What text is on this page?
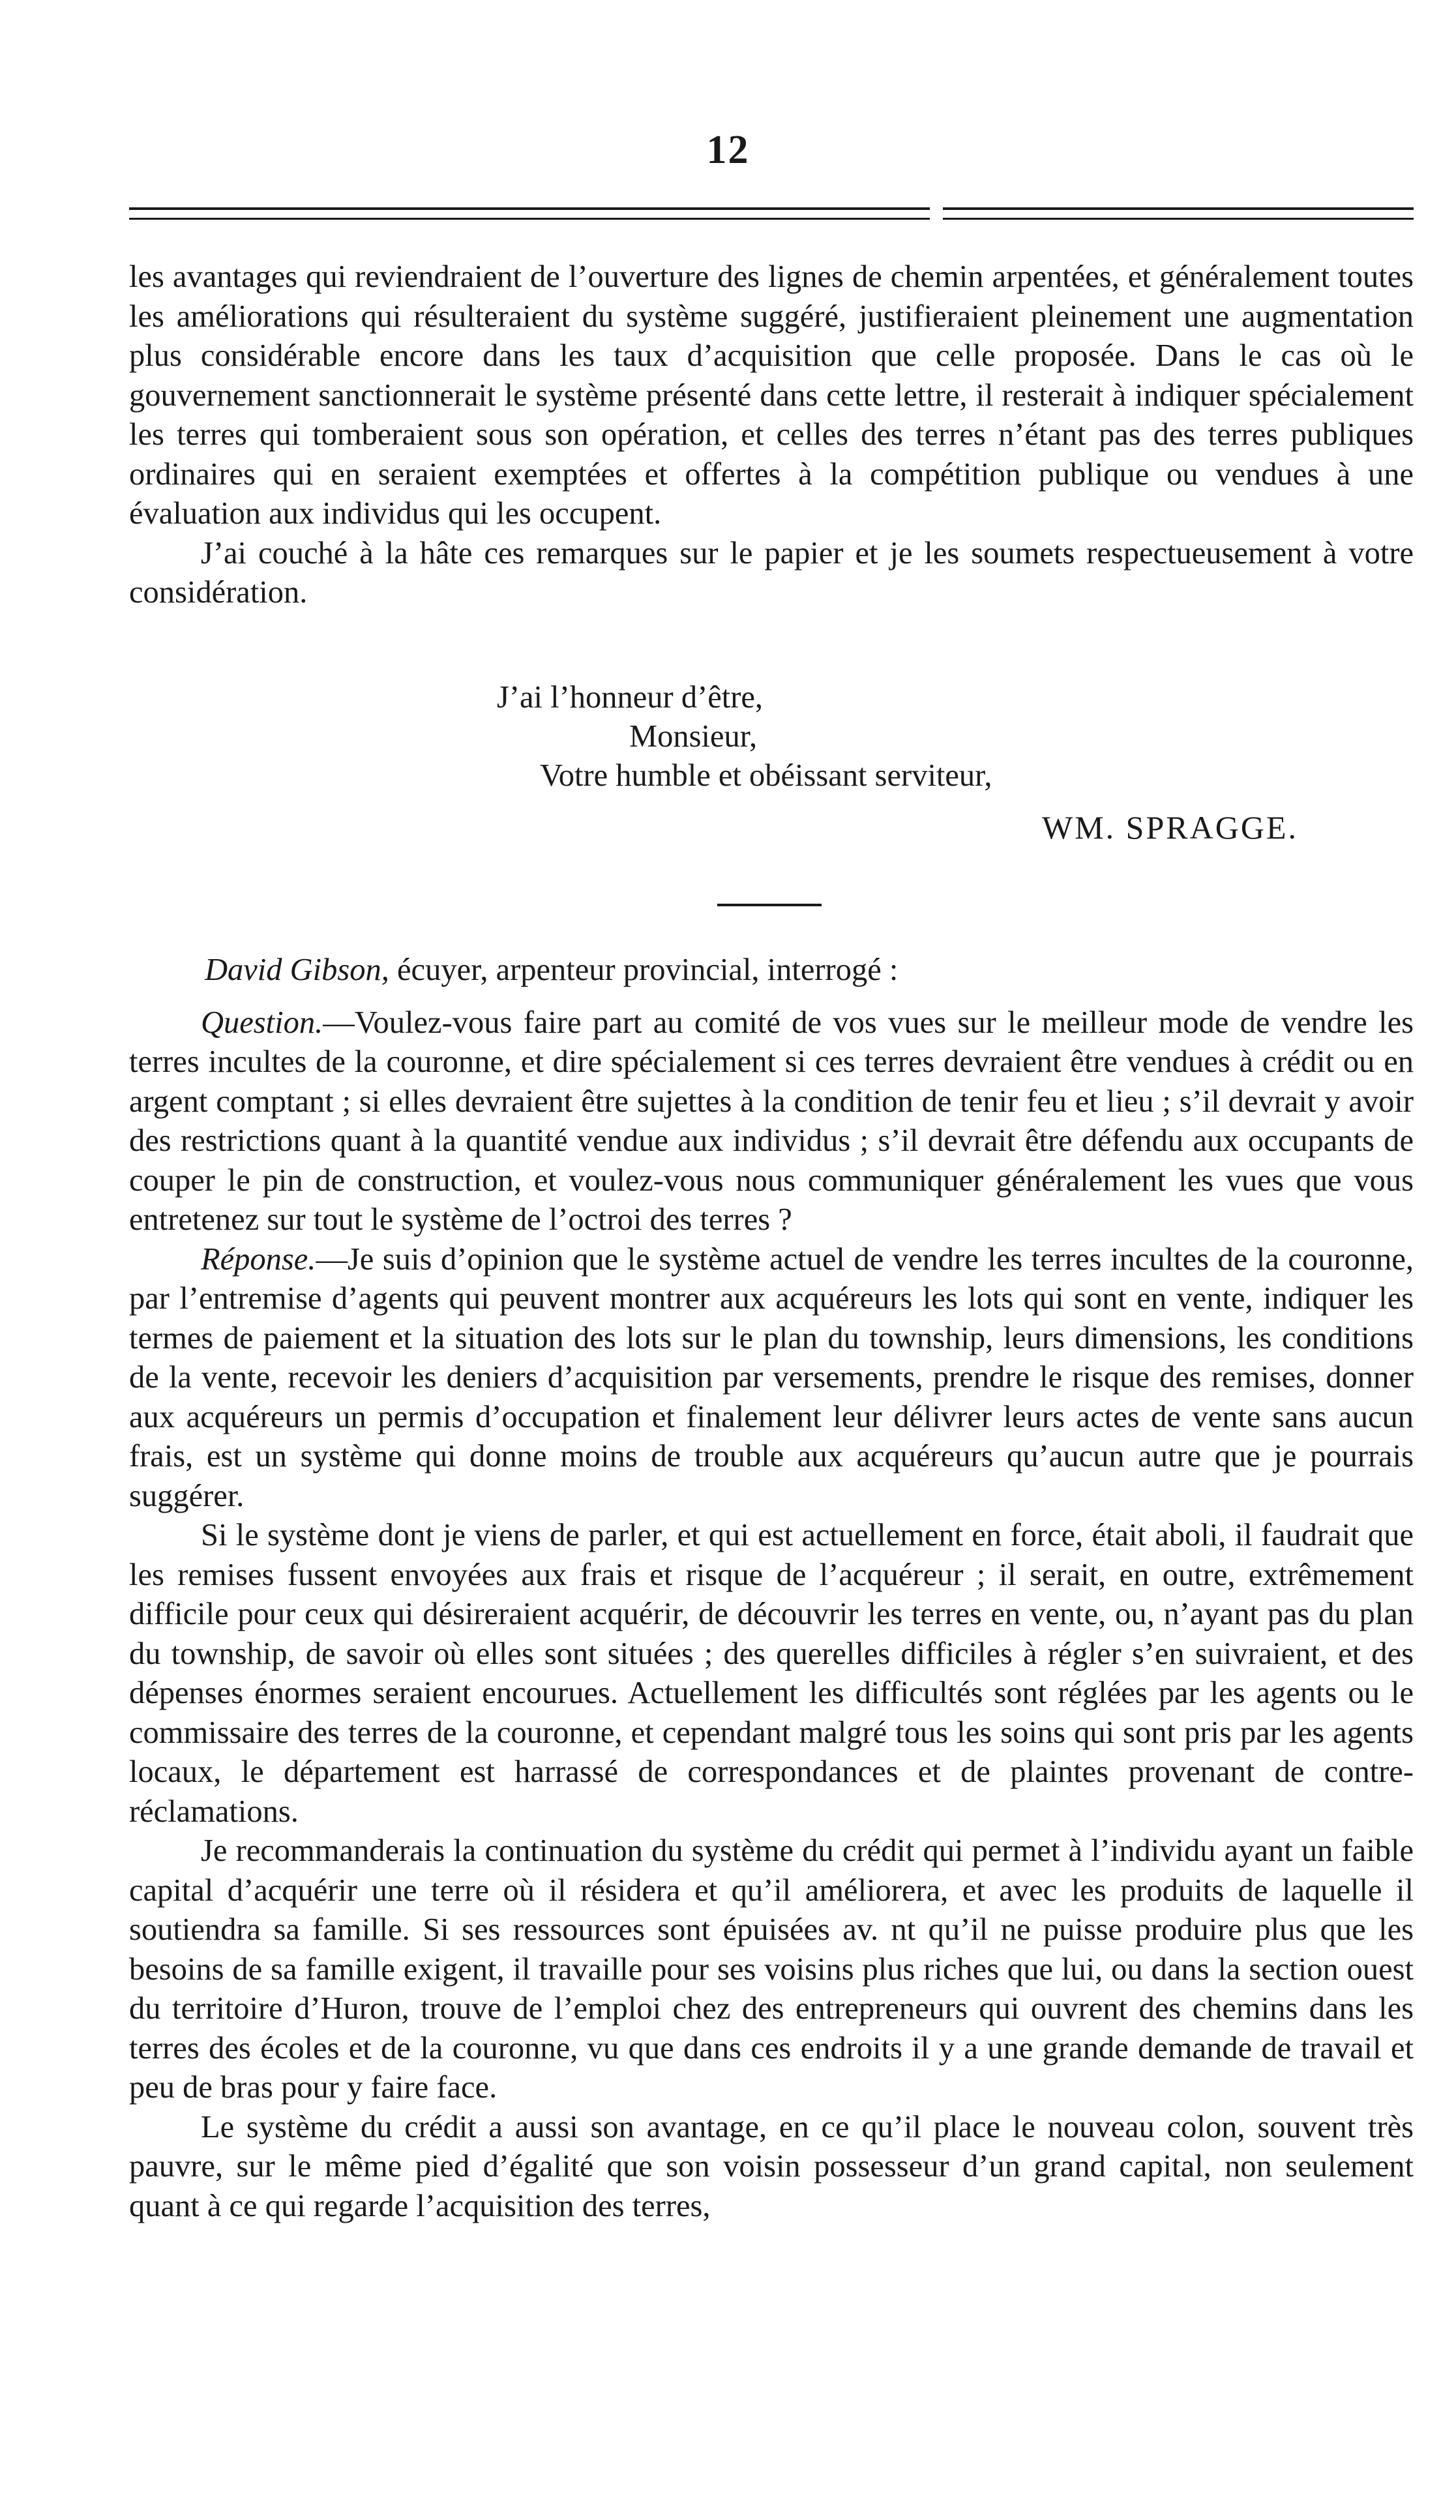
12

les avantages qui reviendraient de l’ouverture des lignes de chemin arpentées, et généralement toutes les améliorations qui résulteraient du système suggéré, justifieraient pleinement une augmentation plus considérable encore dans les taux d’acquisition que celle proposée. Dans le cas où le gouvernement sanctionnerait le système présenté dans cette lettre, il resterait à indiquer spécialement les terres qui tomberaient sous son opération, et celles des terres n’étant pas des terres publiques ordinaires qui en seraient exemptées et offertes à la compétition publique ou vendues à une évaluation aux individus qui les occupent.

J’ai couché à la hâte ces remarques sur le papier et je les soumets respectueusement à votre considération.

J’ai l’honneur d’être,
Monsieur,
Votre humble et obéissant serviteur,
WM. SPRAGGE.

David Gibson, écuyer, arpenteur provincial, interrogé :

Question.—Voulez-vous faire part au comité de vos vues sur le meilleur mode de vendre les terres incultes de la couronne, et dire spécialement si ces terres devraient être vendues à crédit ou en argent comptant ; si elles devraient être sujettes à la condition de tenir feu et lieu ; s’il devrait y avoir des restrictions quant à la quantité vendue aux individus ; s’il devrait être défendu aux occupants de couper le pin de construction, et voulez-vous nous communiquer généralement les vues que vous entretenez sur tout le système de l’octroi des terres ?

Réponse.—Je suis d’opinion que le système actuel de vendre les terres incultes de la couronne, par l’entremise d’agents qui peuvent montrer aux acquéreurs les lots qui sont en vente, indiquer les termes de paiement et la situation des lots sur le plan du township, leurs dimensions, les conditions de la vente, recevoir les deniers d’acquisition par versements, prendre le risque des remises, donner aux acquéreurs un permis d’occupation et finalement leur délivrer leurs actes de vente sans aucun frais, est un système qui donne moins de trouble aux acquéreurs qu’aucun autre que je pourrais suggérer.

Si le système dont je viens de parler, et qui est actuellement en force, était aboli, il faudrait que les remises fussent envoyées aux frais et risque de l’acquéreur ; il serait, en outre, extrêmement difficile pour ceux qui désireraient acquérir, de découvrir les terres en vente, ou, n’ayant pas du plan du township, de savoir où elles sont situées ; des querelles difficiles à régler s’en suivraient, et des dépenses énormes seraient encourues. Actuellement les difficultés sont réglées par les agents ou le commissaire des terres de la couronne, et cependant malgré tous les soins qui sont pris par les agents locaux, le département est harrassé de correspondances et de plaintes provenant de contre-réclamations.

Je recommanderais la continuation du système du crédit qui permet à l’individu ayant un faible capital d’acquérir une terre où il résidera et qu’il améliorera, et avec les produits de laquelle il soutiendra sa famille. Si ses ressources sont épuisées av. nt qu’il ne puisse produire plus que les besoins de sa famille exigent, il travaille pour ses voisins plus riches que lui, ou dans la section ouest du territoire d’Huron, trouve de l’emploi chez des entrepreneurs qui ouvrent des chemins dans les terres des écoles et de la couronne, vu que dans ces endroits il y a une grande demande de travail et peu de bras pour y faire face.

Le système du crédit a aussi son avantage, en ce qu’il place le nouveau colon, souvent très pauvre, sur le même pied d’égalité que son voisin possesseur d’un grand capital, non seulement quant à ce qui regarde l’acquisition des terres,
